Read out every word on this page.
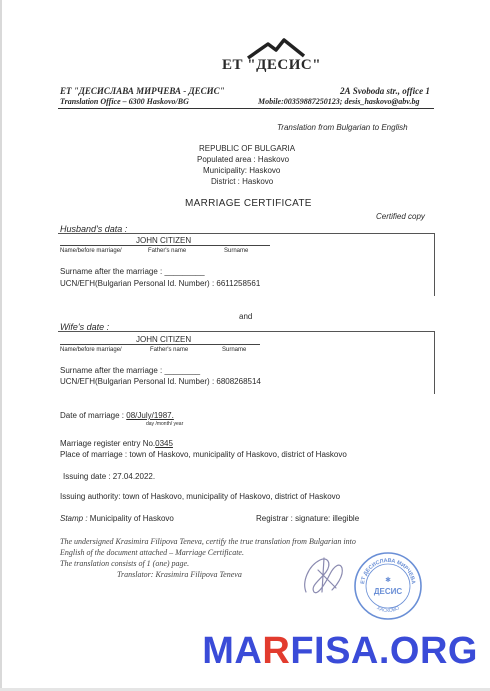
ЕТ "ДЕСИС"
ЕТ "ДЕСИСЛАВА МИРЧЕВА - ДЕСИС"
Translation Office – 6300 Haskovo/BG
2А Svoboda str., office 1
Mobile:00359887250123; desis_haskovo@abv.bg
Translation from Bulgarian to English
REPUBLIC OF BULGARIA
Populated area : Haskovo
Municipality: Haskovo
District : Haskovo
MARRIAGE CERTIFICATE
Certified copy
Husband's data :
JOHN CITIZEN
Name/before marriage/	Father's name	Surname
Surname after the marriage : _________
UCN/ЕГН(Bulgarian Personal Id. Number) : 6611258561
and
Wife's date :
JOHN CITIZEN
Name/before marriage/	Father's name	Surname
Surname after the marriage : ________
UCN/ЕГН(Bulgarian Personal Id. Number) : 6808268514
Date of marriage : 08/July/1987.
day /month/ year
Marriage register entry No.0345
Place of marriage : town of Haskovo, municipality of Haskovo, district of Haskovo
Issuing date : 27.04.2022.
Issuing authority: town of Haskovo, municipality of Haskovo, district of Haskovo
Stamp : Municipality of Haskovo	Registrar : signature: illegible
The undersigned Krasimira Filipova Teneva, certify the true translation from Bulgarian into
English of the document attached – Marriage Certificate.
The translation consists of 1 (one) page.
Translator: Krasimira Filipova Teneva
ЕТ ДЕСИСЛАВА МИРЧЕВА
ХАСКОВО
✱
ДЕСИС
MARFISA.ORG
